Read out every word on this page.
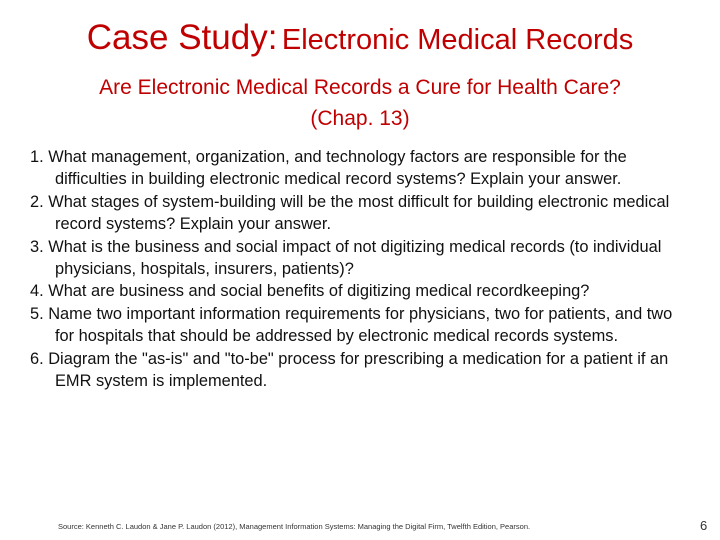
Case Study: Electronic Medical Records
Are Electronic Medical Records a Cure for Health Care?
(Chap. 13)
1. What management, organization, and technology factors are responsible for the difficulties in building electronic medical record systems? Explain your answer.
2. What stages of system-building will be the most difficult for building electronic medical record systems? Explain your answer.
3. What is the business and social impact of not digitizing medical records (to individual physicians, hospitals, insurers, patients)?
4. What are business and social benefits of digitizing medical recordkeeping?
5. Name two important information requirements for physicians, two for patients, and two for hospitals that should be addressed by electronic medical records systems.
6. Diagram the "as-is" and "to-be" process for prescribing a medication for a patient if an EMR system is implemented.
Source: Kenneth C. Laudon & Jane P. Laudon (2012), Management Information Systems: Managing the Digital Firm, Twelfth Edition, Pearson.	6
